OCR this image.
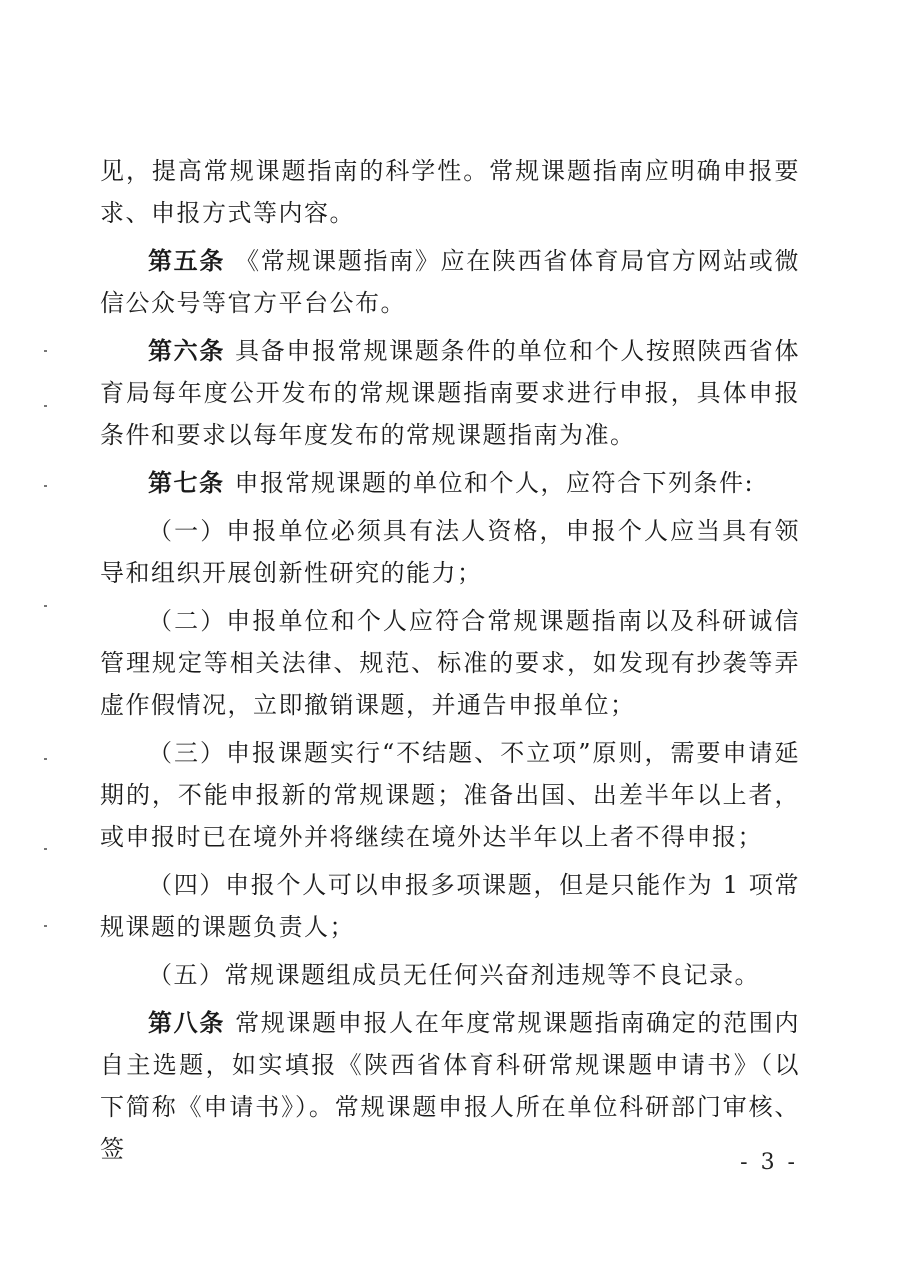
见，提高常规课题指南的科学性。常规课题指南应明确申报要求、申报方式等内容。

第五条 《常规课题指南》应在陕西省体育局官方网站或微信公众号等官方平台公布。

第六条 具备申报常规课题条件的单位和个人按照陕西省体育局每年度公开发布的常规课题指南要求进行申报，具体申报条件和要求以每年度发布的常规课题指南为准。

第七条 申报常规课题的单位和个人，应符合下列条件:

（一）申报单位必须具有法人资格，申报个人应当具有领导和组织开展创新性研究的能力；

（二）申报单位和个人应符合常规课题指南以及科研诚信管理规定等相关法律、规范、标准的要求，如发现有抄袭等弄虚作假情况，立即撤销课题，并通告申报单位；

（三）申报课题实行“不结题、不立项”原则，需要申请延期的，不能申报新的常规课题；准备出国、出差半年以上者，或申报时已在境外并将继续在境外达半年以上者不得申报；

（四）申报个人可以申报多项课题，但是只能作为 1 项常规课题的课题负责人；

（五）常规课题组成员无任何兴奋剂违规等不良记录。

第八条 常规课题申报人在年度常规课题指南确定的范围内自主选题，如实填报《陕西省体育科研常规课题申请书》（以下简称《申请书》）。常规课题申报人所在单位科研部门审核、签	- 3 -
